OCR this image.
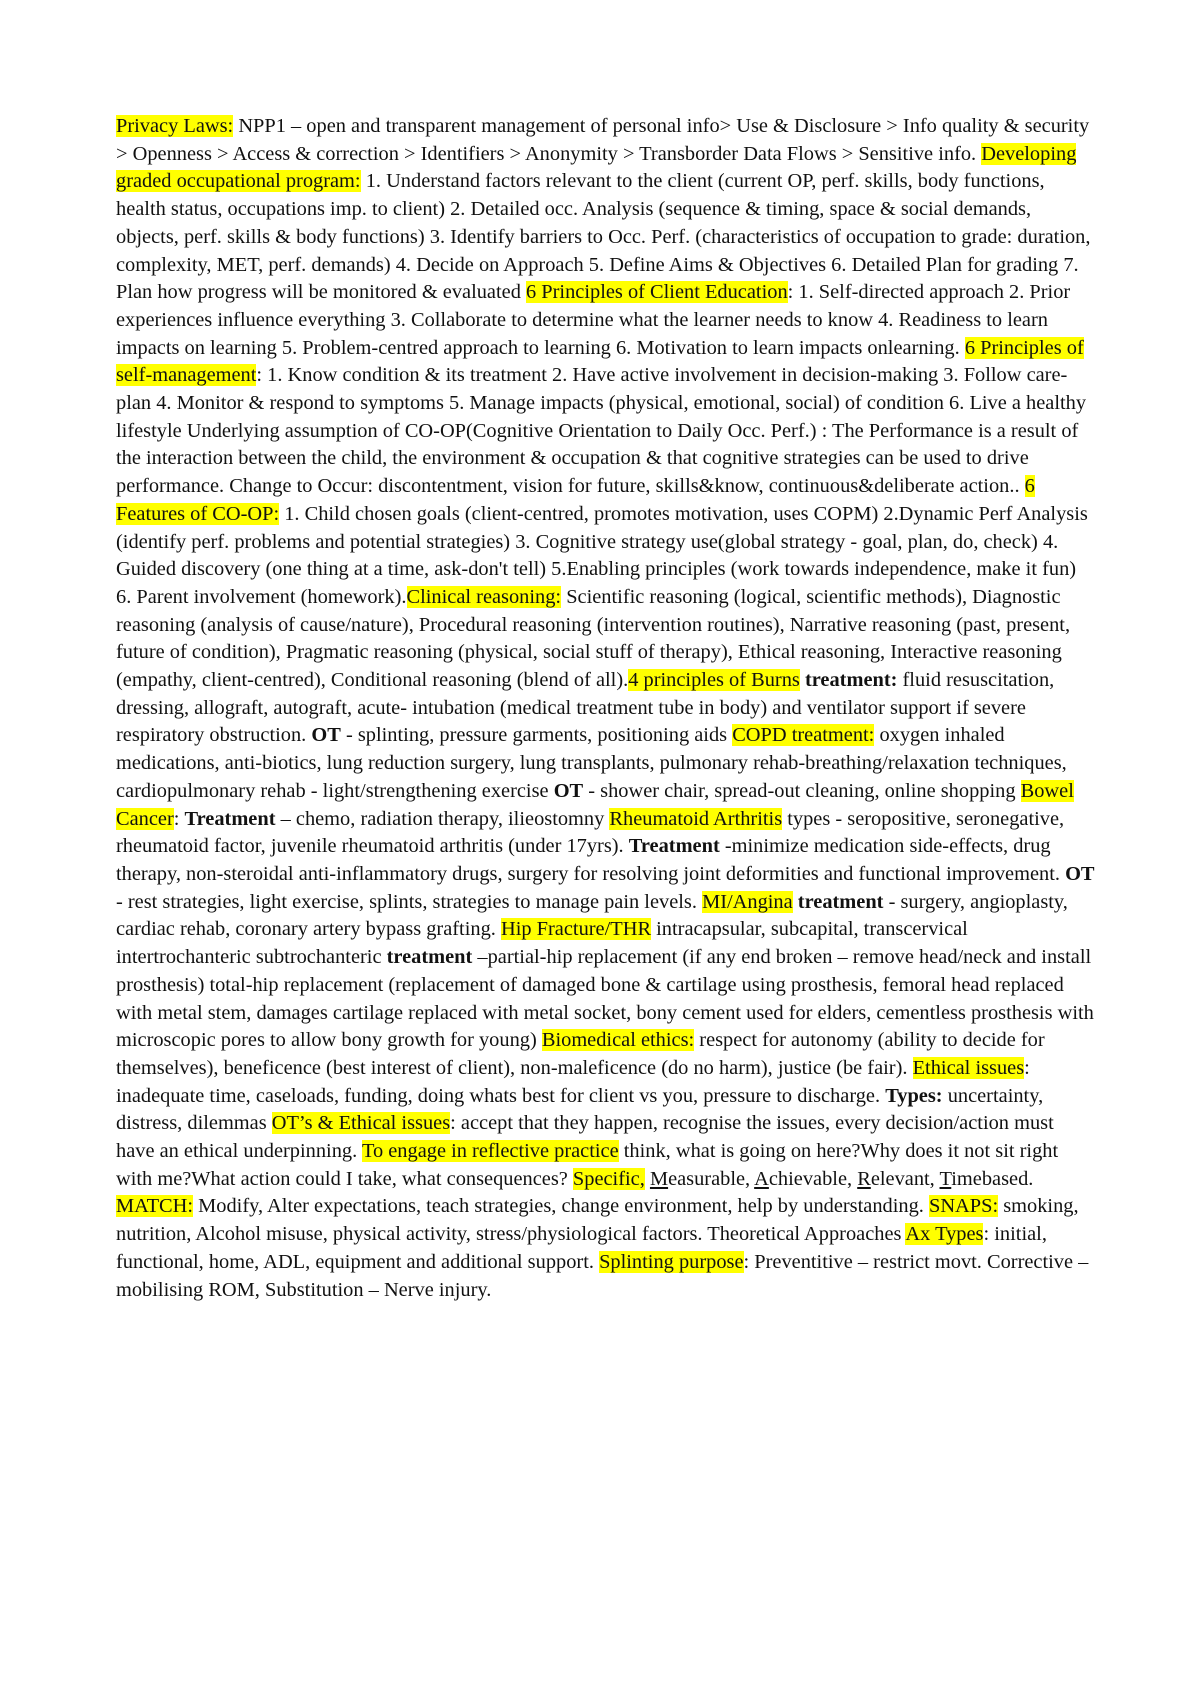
Privacy Laws: NPP1 – open and transparent management of personal info> Use & Disclosure > Info quality & security > Openness > Access & correction > Identifiers > Anonymity > Transborder Data Flows > Sensitive info. Developing graded occupational program: 1. Understand factors relevant to the client (current OP, perf. skills, body functions, health status, occupations imp. to client) 2. Detailed occ. Analysis (sequence & timing, space & social demands, objects, perf. skills & body functions) 3. Identify barriers to Occ. Perf. (characteristics of occupation to grade: duration, complexity, MET, perf. demands) 4. Decide on Approach 5. Define Aims & Objectives 6. Detailed Plan for grading 7. Plan how progress will be monitored & evaluated 6 Principles of Client Education: 1. Self-directed approach 2. Prior experiences influence everything 3. Collaborate to determine what the learner needs to know 4. Readiness to learn impacts on learning 5. Problem-centred approach to learning 6. Motivation to learn impacts onlearning. 6 Principles of self-management: 1. Know condition & its treatment 2. Have active involvement in decision-making 3. Follow care-plan 4. Monitor & respond to symptoms 5. Manage impacts (physical, emotional, social) of condition 6. Live a healthy lifestyle Underlying assumption of CO-OP(Cognitive Orientation to Daily Occ. Perf.) : The Performance is a result of the interaction between the child, the environment & occupation & that cognitive strategies can be used to drive performance. Change to Occur: discontentment, vision for future, skills&know, continuous&deliberate action.. 6 Features of CO-OP: 1. Child chosen goals (client-centred, promotes motivation, uses COPM) 2.Dynamic Perf Analysis (identify perf. problems and potential strategies) 3. Cognitive strategy use(global strategy - goal, plan, do, check) 4. Guided discovery (one thing at a time, ask-don't tell) 5.Enabling principles (work towards independence, make it fun) 6. Parent involvement (homework).Clinical reasoning: Scientific reasoning (logical, scientific methods), Diagnostic reasoning (analysis of cause/nature), Procedural reasoning (intervention routines), Narrative reasoning (past, present, future of condition), Pragmatic reasoning (physical, social stuff of therapy), Ethical reasoning, Interactive reasoning (empathy, client-centred), Conditional reasoning (blend of all).4 principles of Burns treatment: fluid resuscitation, dressing, allograft, autograft, acute- intubation (medical treatment tube in body) and ventilator support if severe respiratory obstruction. OT - splinting, pressure garments, positioning aids COPD treatment: oxygen inhaled medications, anti-biotics, lung reduction surgery, lung transplants, pulmonary rehab-breathing/relaxation techniques, cardiopulmonary rehab - light/strengthening exercise OT - shower chair, spread-out cleaning, online shopping Bowel Cancer: Treatment – chemo, radiation therapy, ilieostomny Rheumatoid Arthritis types - seropositive, seronegative, rheumatoid factor, juvenile rheumatoid arthritis (under 17yrs). Treatment -minimize medication side-effects, drug therapy, non-steroidal anti-inflammatory drugs, surgery for resolving joint deformities and functional improvement. OT - rest strategies, light exercise, splints, strategies to manage pain levels. MI/Angina treatment - surgery, angioplasty, cardiac rehab, coronary artery bypass grafting. Hip Fracture/THR intracapsular, subcapital, transcervical intertrochanteric subtrochanteric treatment –partial-hip replacement (if any end broken – remove head/neck and install prosthesis) total-hip replacement (replacement of damaged bone & cartilage using prosthesis, femoral head replaced with metal stem, damages cartilage replaced with metal socket, bony cement used for elders, cementless prosthesis with microscopic pores to allow bony growth for young) Biomedical ethics: respect for autonomy (ability to decide for themselves), beneficence (best interest of client), non-maleficence (do no harm), justice (be fair). Ethical issues: inadequate time, caseloads, funding, doing whats best for client vs you, pressure to discharge. Types: uncertainty, distress, dilemmas OT’s & Ethical issues: accept that they happen, recognise the issues, every decision/action must have an ethical underpinning. To engage in reflective practice think, what is going on here?Why does it not sit right with me?What action could I take, what consequences? Specific, Measurable, Achievable, Relevant, Timebased. MATCH: Modify, Alter expectations, teach strategies, change environment, help by understanding. SNAPS: smoking, nutrition, Alcohol misuse, physical activity, stress/physiological factors. Theoretical Approaches Ax Types: initial, functional, home, ADL, equipment and additional support. Splinting purpose: Preventitive – restrict movt. Corrective – mobilising ROM, Substitution – Nerve injury.
